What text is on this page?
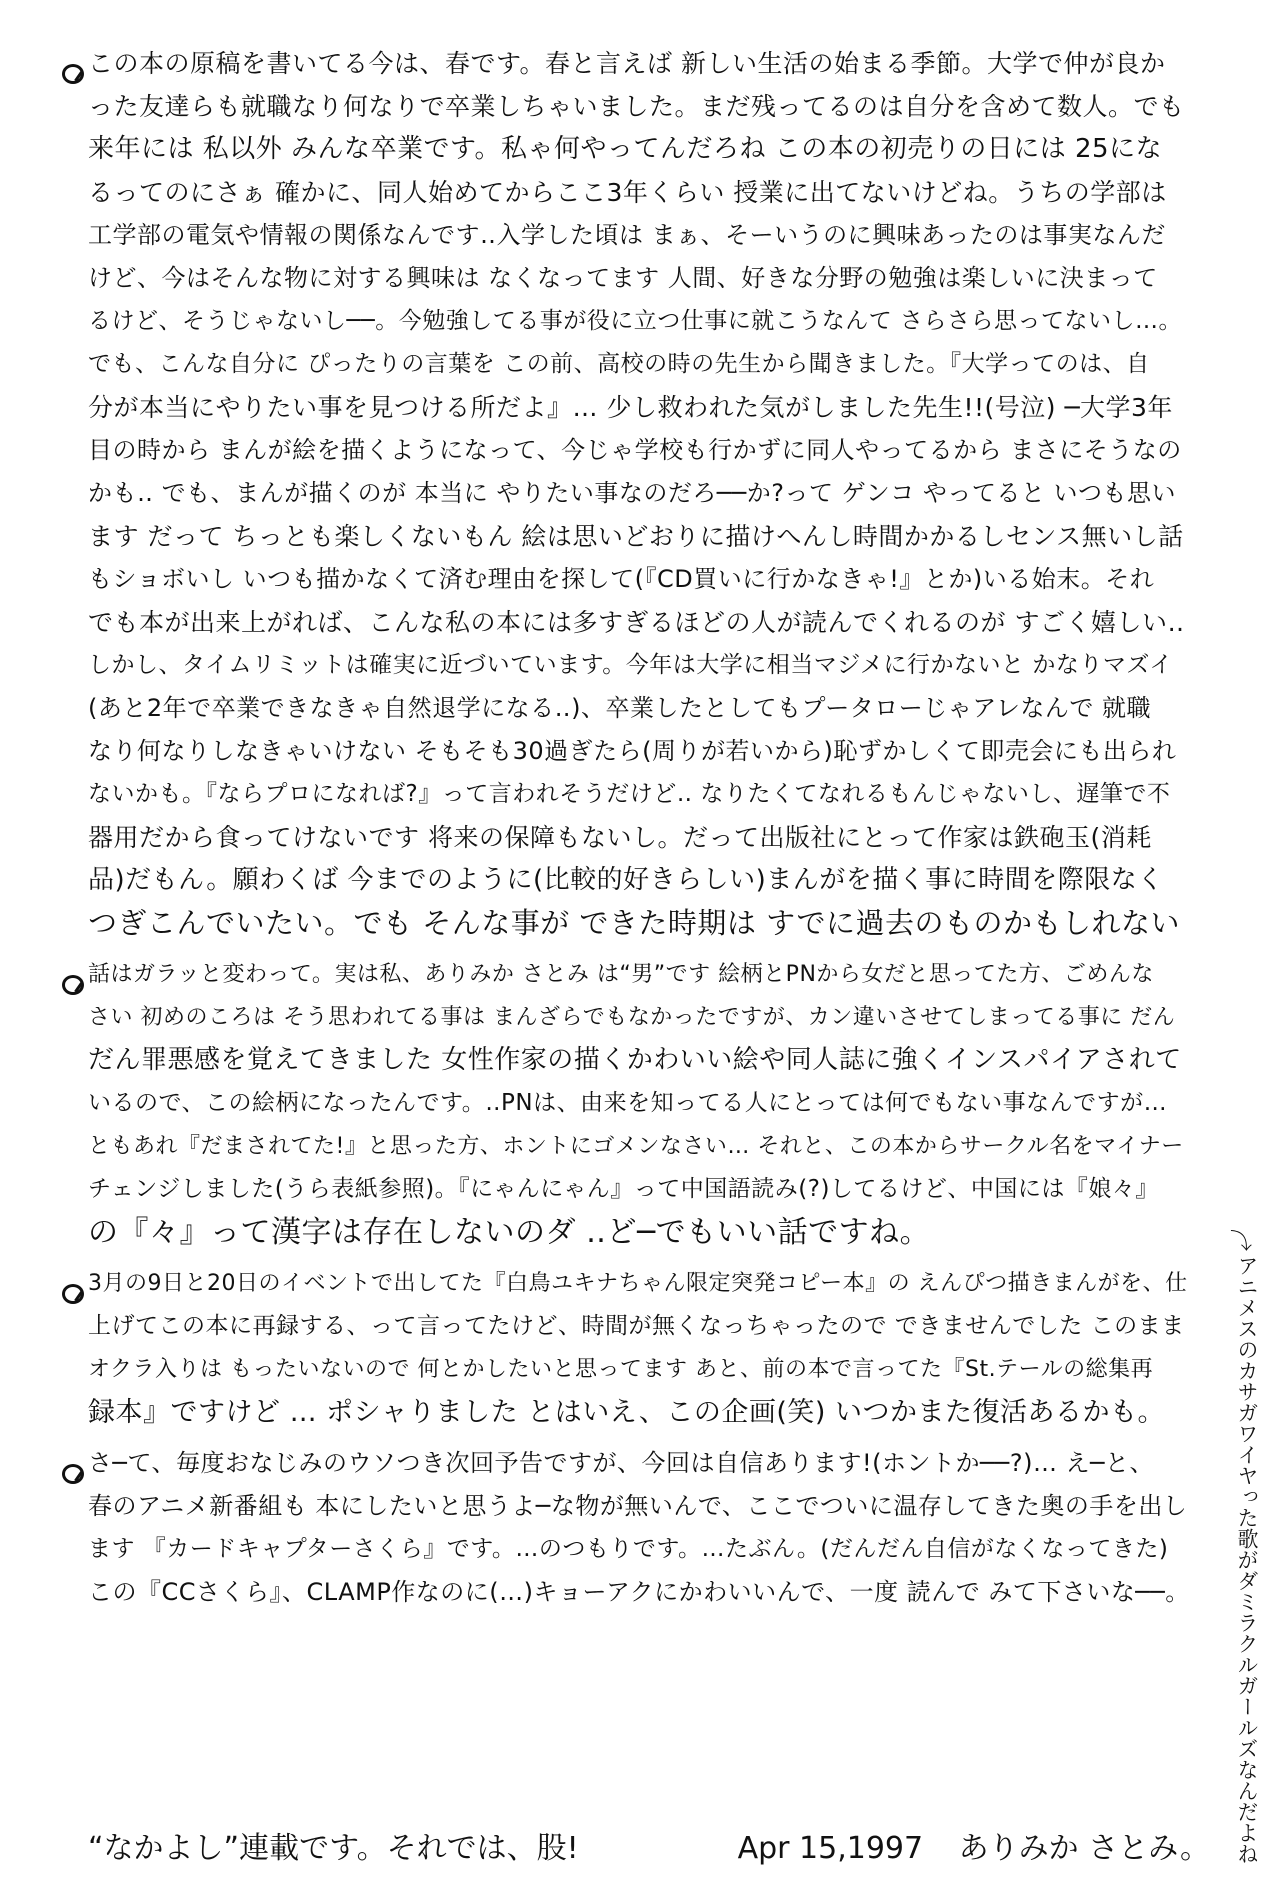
この本の原稿を書いてる今は、春です。春と言えば 新しい生活の始まる季節。大学で仲が良か
った友達らも就職なり何なりで卒業しちゃいました。まだ残ってるのは自分を含めて数人。でも
来年には 私以外 みんな卒業です。私ゃ何やってんだろね この本の初売りの日には 25にな
るってのにさぁ 確かに、同人始めてからここ3年くらい 授業に出てないけどね。うちの学部は
工学部の電気や情報の関係なんです‥入学した頃は まぁ、そーいうのに興味あったのは事実なんだ
けど、今はそんな物に対する興味は なくなってます 人間、好きな分野の勉強は楽しいに決まって
るけど、そうじゃないし──。今勉強してる事が役に立つ仕事に就こうなんて さらさら思ってないし…。
でも、こんな自分に ぴったりの言葉を この前、高校の時の先生から聞きました。『大学ってのは、自
分が本当にやりたい事を見つける所だよ』… 少し救われた気がしました先生!!(号泣) ─大学3年
目の時から まんが絵を描くようになって、今じゃ学校も行かずに同人やってるから まさにそうなの
かも‥ でも、まんが描くのが 本当に やりたい事なのだろ──か?って ゲンコ やってると いつも思い
ます だって ちっとも楽しくないもん 絵は思いどおりに描けへんし時間かかるしセンス無いし話
もショボいし いつも描かなくて済む理由を探して(『CD買いに行かなきゃ!』とか)いる始末。それ
でも本が出来上がれば、こんな私の本には多すぎるほどの人が読んでくれるのが すごく嬉しい‥
しかし、タイムリミットは確実に近づいています。今年は大学に相当マジメに行かないと かなりマズイ
(あと2年で卒業できなきゃ自然退学になる‥)、卒業したとしてもプータローじゃアレなんで 就職
なり何なりしなきゃいけない そもそも30過ぎたら(周りが若いから)恥ずかしくて即売会にも出られ
ないかも。『ならプロになれば?』って言われそうだけど‥ なりたくてなれるもんじゃないし、遅筆で不
器用だから食ってけないです 将来の保障もないし。だって出版社にとって作家は鉄砲玉(消耗
品)だもん。願わくば 今までのように(比較的好きらしい)まんがを描く事に時間を際限なく
つぎこんでいたい。でも そんな事が できた時期は すでに過去のものかもしれない
話はガラッと変わって。実は私、ありみか さとみ は“男”です 絵柄とPNから女だと思ってた方、ごめんな
さい 初めのころは そう思われてる事は まんざらでもなかったですが、カン違いさせてしまってる事に だん
だん罪悪感を覚えてきました 女性作家の描くかわいい絵や同人誌に強くインスパイアされて
いるので、この絵柄になったんです。‥PNは、由来を知ってる人にとっては何でもない事なんですが…
ともあれ『だまされてた!』と思った方、ホントにゴメンなさい… それと、この本からサークル名をマイナー
チェンジしました(うら表紙参照)。『にゃんにゃん』って中国語読み(?)してるけど、中国には『娘々』
の『々』って漢字は存在しないのダ ‥ど─でもいい話ですね。
3月の9日と20日のイベントで出してた『白鳥ユキナちゃん限定突発コピー本』の えんぴつ描きまんがを、仕
上げてこの本に再録する、って言ってたけど、時間が無くなっちゃったので できませんでした このまま
オクラ入りは もったいないので 何とかしたいと思ってます あと、前の本で言ってた『St.テールの総集再
録本』ですけど … ポシャりました とはいえ、この企画(笑) いつかまた復活あるかも。
さ─て、毎度おなじみのウソつき次回予告ですが、今回は自信あります!(ホントか──?)… え─と、
春のアニメ新番組も 本にしたいと思うよ─な物が無いんで、ここでついに温存してきた奥の手を出し
ます 『カードキャプターさくら』です。…のつもりです。…たぶん。(だんだん自信がなくなってきた)
この『CCさくら』、CLAMP作なのに(…)キョーアクにかわいいんで、一度 読んで みて下さいな──。
⤵
アニメスのカサガワイヤった歌がダミラクルガールズなんだよね
“なかよし”連載です。それでは、股!	Apr 15,1997 ありみか さとみ。
